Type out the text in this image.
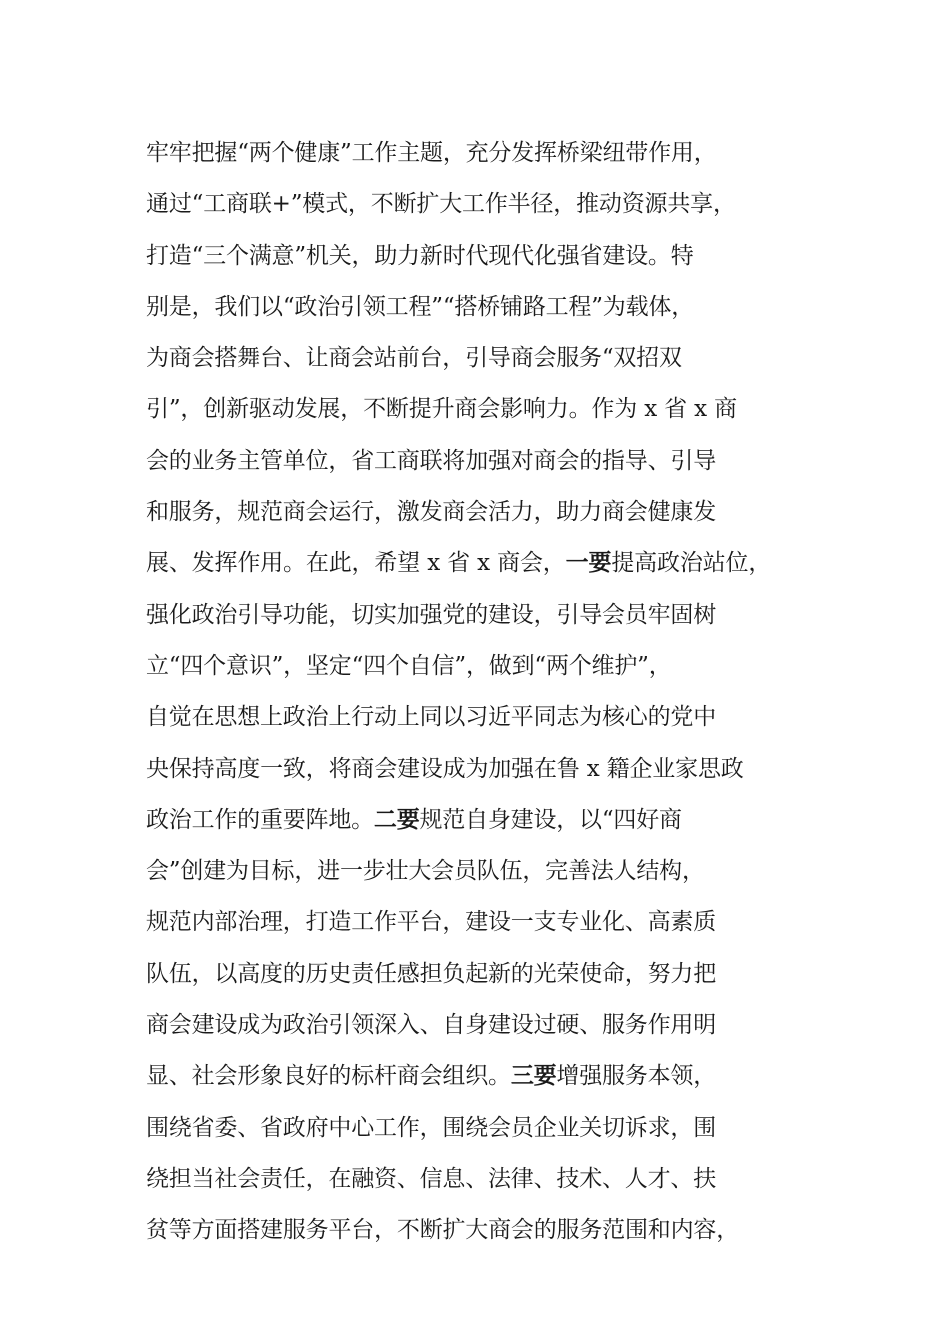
牢牢把握“两个健康”工作主题，充分发挥桥梁纽带作用，
通过“工商联+”模式，不断扩大工作半径，推动资源共享，
打造“三个满意”机关，助力新时代现代化强省建设。特
别是，我们以“政治引领工程”“搭桥铺路工程”为载体，
为商会搭舞台、让商会站前台，引导商会服务“双招双
引”，创新驱动发展，不断提升商会影响力。作为 x 省 x 商
会的业务主管单位，省工商联将加强对商会的指导、引导
和服务，规范商会运行，激发商会活力，助力商会健康发
展、发挥作用。在此，希望 x 省 x 商会，一要提高政治站位，
强化政治引导功能，切实加强党的建设，引导会员牢固树
立“四个意识”，坚定“四个自信”，做到“两个维护”，
自觉在思想上政治上行动上同以习近平同志为核心的党中
央保持高度一致，将商会建设成为加强在鲁 x 籍企业家思政
政治工作的重要阵地。二要规范自身建设，以“四好商
会”创建为目标，进一步壮大会员队伍，完善法人结构，
规范内部治理，打造工作平台，建设一支专业化、高素质
队伍，以高度的历史责任感担负起新的光荣使命，努力把
商会建设成为政治引领深入、自身建设过硬、服务作用明
显、社会形象良好的标杆商会组织。三要增强服务本领，
围绕省委、省政府中心工作，围绕会员企业关切诉求，围
绕担当社会责任，在融资、信息、法律、技术、人才、扶
贫等方面搭建服务平台，不断扩大商会的服务范围和内容，
